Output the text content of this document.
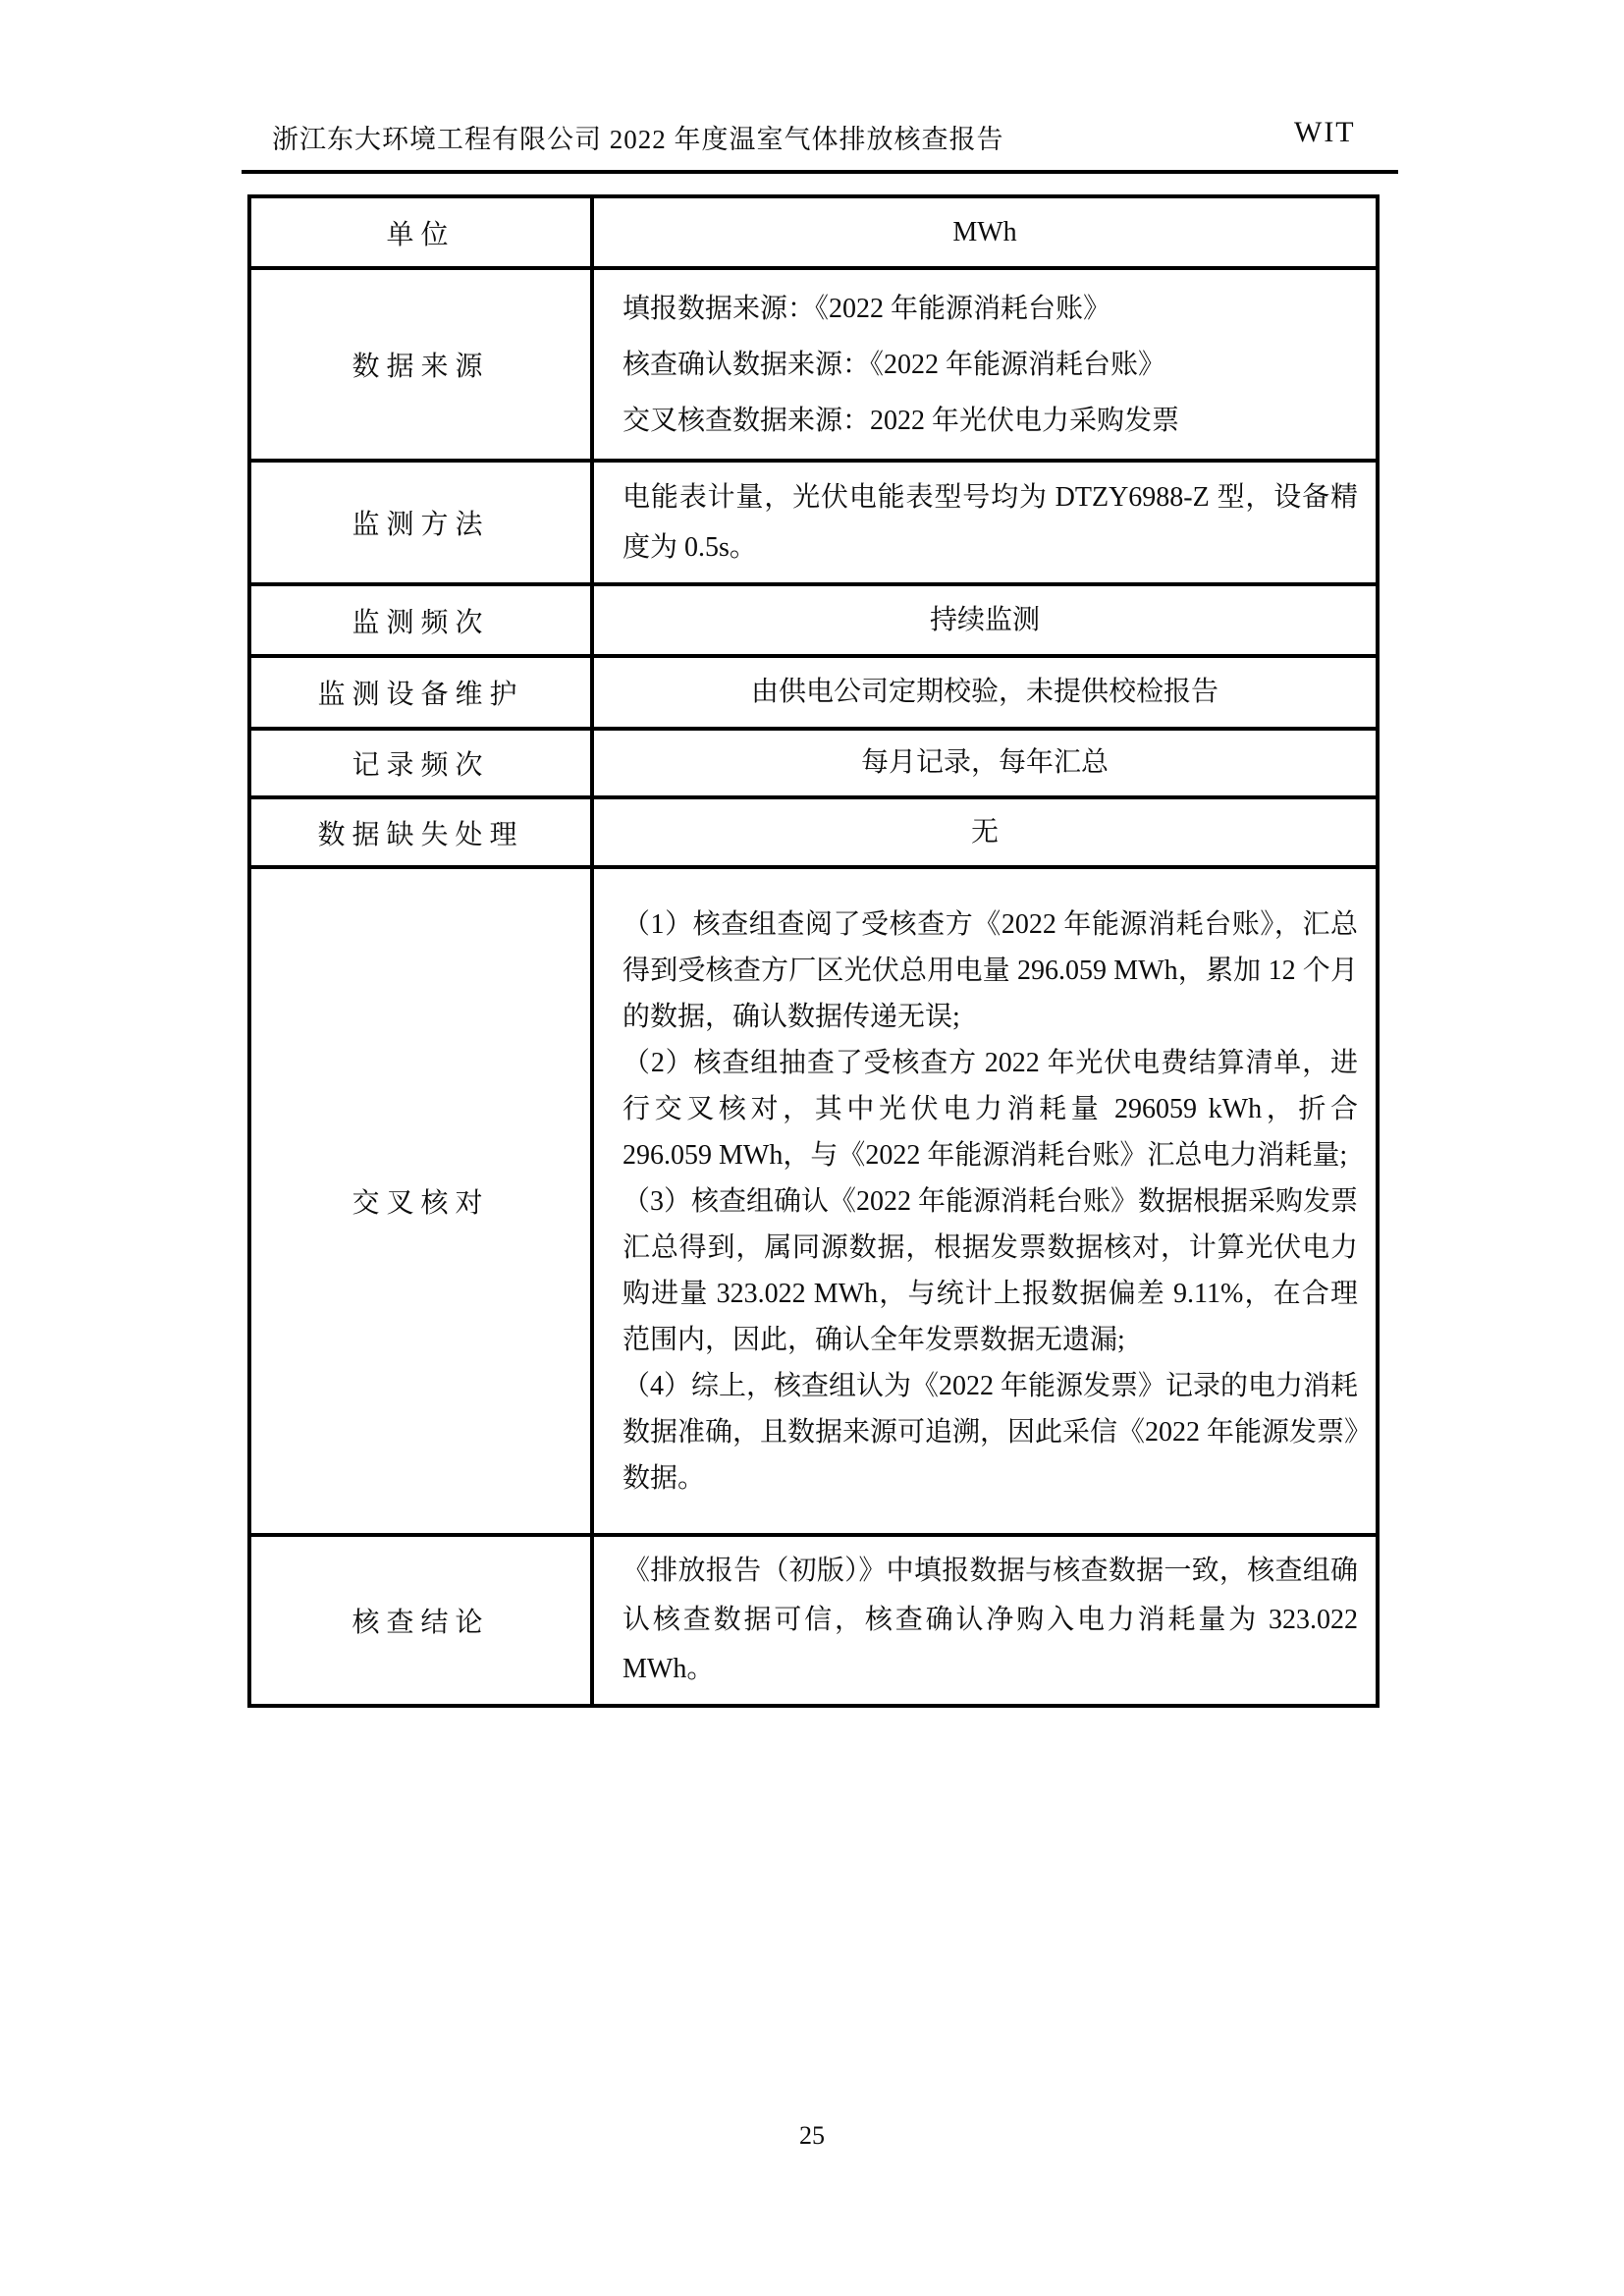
浙江东大环境工程有限公司 2022 年度温室气体排放核查报告	WIT
单位	MWh

数据来源	填报数据来源：《2022 年能源消耗台账》
核查确认数据来源：《2022 年能源消耗台账》
交叉核查数据来源：2022 年光伏电力采购发票

监测方法	电能表计量，光伏电能表型号均为 DTZY6988-Z 型，设备精度为 0.5s。

监测频次	持续监测

监测设备维护	由供电公司定期校验，未提供校检报告

记录频次	每月记录，每年汇总

数据缺失处理	无

交叉核对	（1）核查组查阅了受核查方《2022 年能源消耗台账》，汇总得到受核查方厂区光伏总用电量 296.059 MWh，累加 12 个月的数据，确认数据传递无误;
（2）核查组抽查了受核查方 2022 年光伏电费结算清单，进行交叉核对，其中光伏电力消耗量 296059 kWh，折合 296.059 MWh，与《2022 年能源消耗台账》汇总电力消耗量;
（3）核查组确认《2022 年能源消耗台账》数据根据采购发票汇总得到，属同源数据，根据发票数据核对，计算光伏电力购进量 323.022 MWh，与统计上报数据偏差 9.11%，在合理范围内，因此，确认全年发票数据无遗漏;
（4）综上，核查组认为《2022 年能源发票》记录的电力消耗数据准确，且数据来源可追溯，因此采信《2022 年能源发票》数据。

核查结论	《排放报告（初版）》中填报数据与核查数据一致，核查组确认核查数据可信，核查确认净购入电力消耗量为 323.022 MWh。
25
